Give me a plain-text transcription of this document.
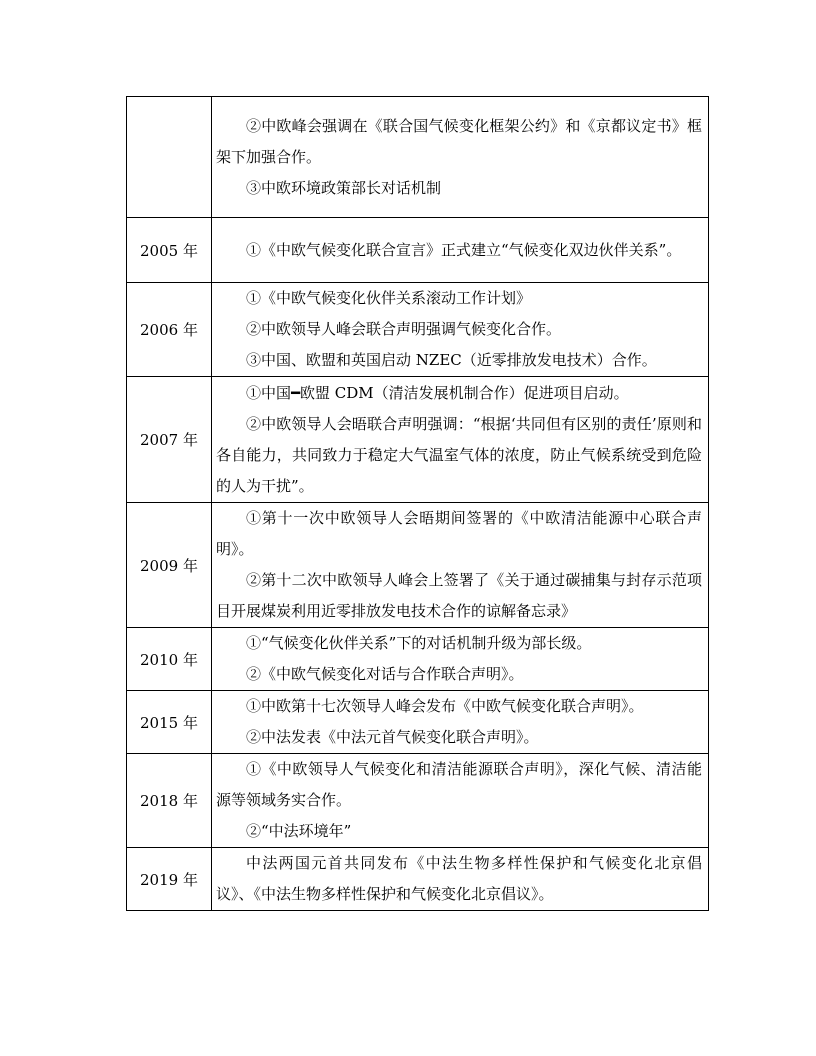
	②中欧峰会强调在《联合国气候变化框架公约》和《京都议定书》框架下加强合作。

③中欧环境政策部长对话机制

2005 年	①《中欧气候变化联合宣言》正式建立“气候变化双边伙伴关系”。

2006 年	①《中欧气候变化伙伴关系滚动工作计划》

②中欧领导人峰会联合声明强调气候变化合作。

③中国、欧盟和英国启动 NZEC（近零排放发电技术）合作。

2007 年	①中国━欧盟 CDM（清洁发展机制合作）促进项目启动。

②中欧领导人会晤联合声明强调：“根据‘共同但有区别的责任’原则和各自能力，共同致力于稳定大气温室气体的浓度，防止气候系统受到危险的人为干扰”。

2009 年	①第十一次中欧领导人会晤期间签署的《中欧清洁能源中心联合声明》。

②第十二次中欧领导人峰会上签署了《关于通过碳捕集与封存示范项目开展煤炭利用近零排放发电技术合作的谅解备忘录》

2010 年	①“气候变化伙伴关系”下的对话机制升级为部长级。

②《中欧气候变化对话与合作联合声明》。

2015 年	①中欧第十七次领导人峰会发布《中欧气候变化联合声明》。

②中法发表《中法元首气候变化联合声明》。

2018 年	①《中欧领导人气候变化和清洁能源联合声明》，深化气候、清洁能源等领域务实合作。

②“中法环境年”

2019 年	中法两国元首共同发布《中法生物多样性保护和气候变化北京倡议》、《中法生物多样性保护和气候变化北京倡议》。
